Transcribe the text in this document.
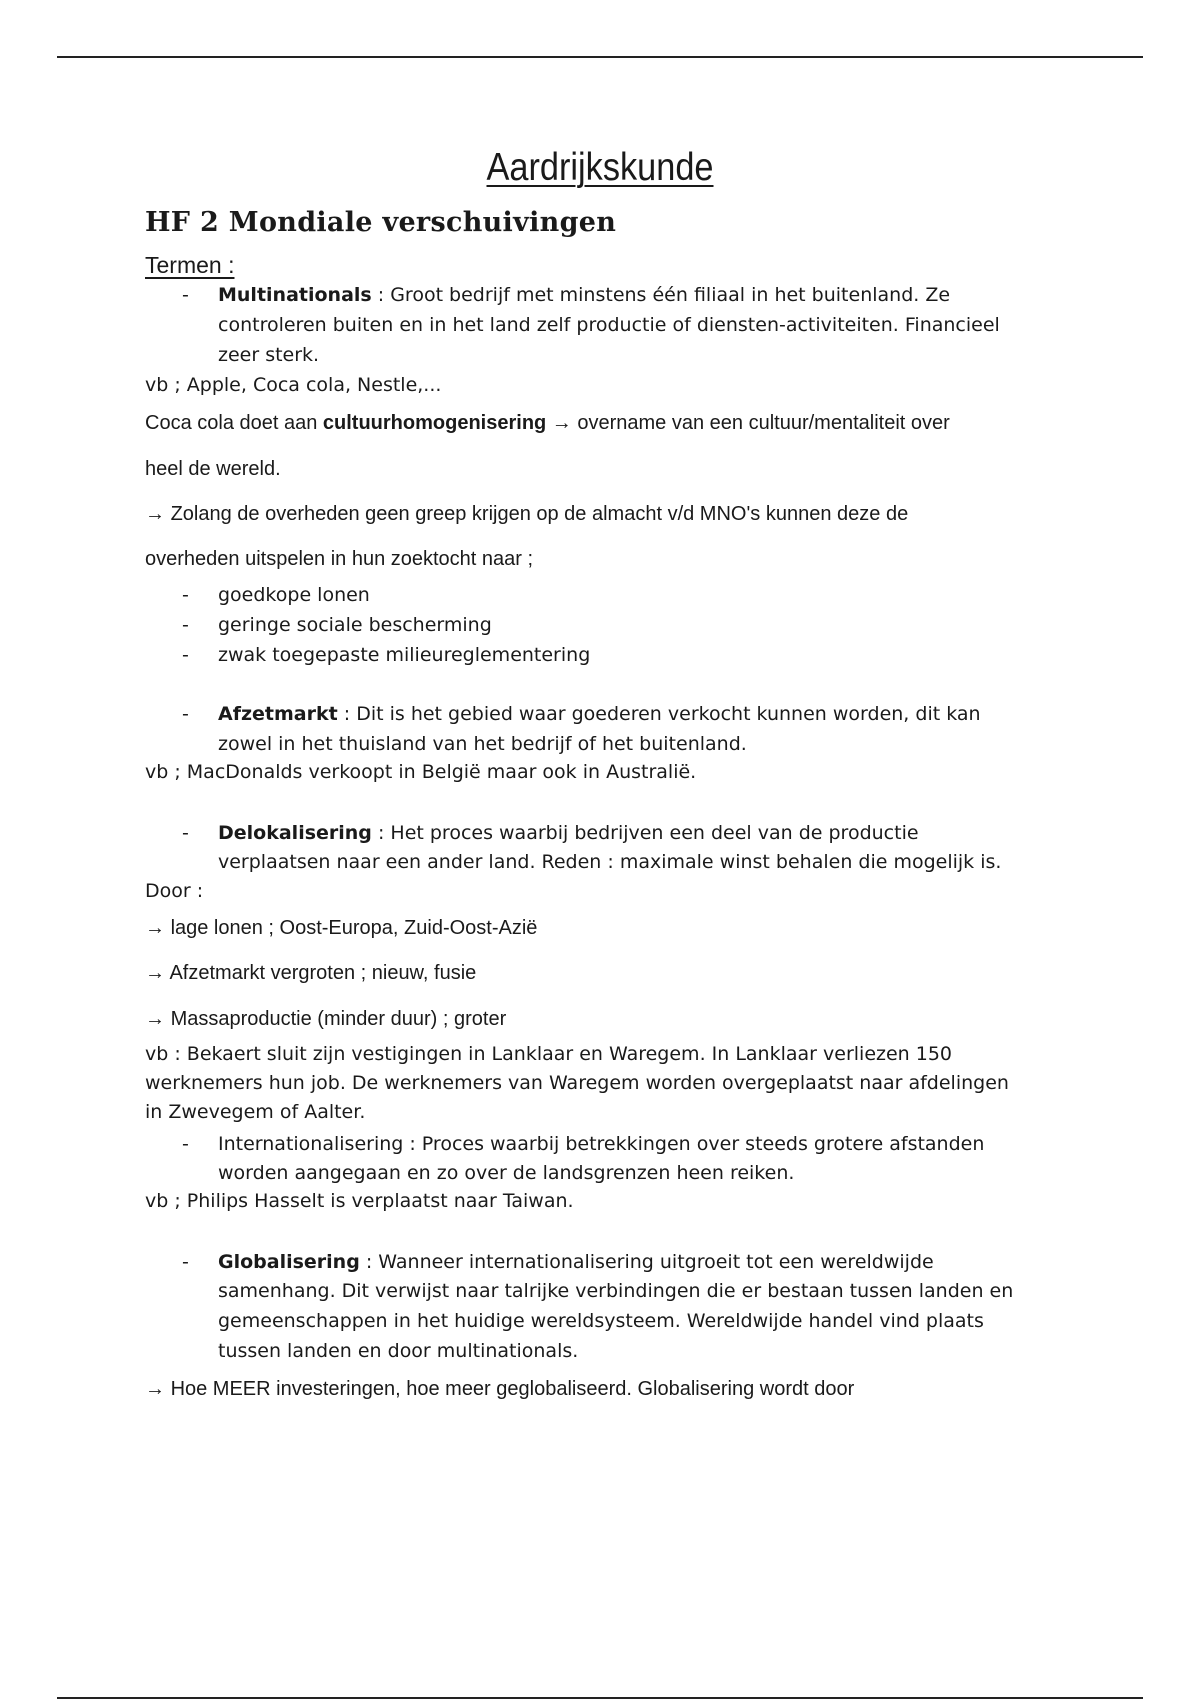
Aardrijkskunde
HF 2 Mondiale verschuivingen
Termen :
- Multinationals : Groot bedrijf met minstens één filiaal in het buitenland. Ze
controleren buiten en in het land zelf productie of diensten-activiteiten. Financieel
zeer sterk.
vb ; Apple, Coca cola, Nestle,...
Coca cola doet aan cultuurhomogenisering → overname van een cultuur/mentaliteit over
heel de wereld.
→ Zolang de overheden geen greep krijgen op de almacht v/d MNO's kunnen deze de
overheden uitspelen in hun zoektocht naar ;
- goedkope lonen
- geringe sociale bescherming
- zwak toegepaste milieureglementering
- Afzetmarkt : Dit is het gebied waar goederen verkocht kunnen worden, dit kan
zowel in het thuisland van het bedrijf of het buitenland.
vb ; MacDonalds verkoopt in België maar ook in Australië.
- Delokalisering : Het proces waarbij bedrijven een deel van de productie
verplaatsen naar een ander land. Reden : maximale winst behalen die mogelijk is.
Door :
→ lage lonen ; Oost-Europa, Zuid-Oost-Azië
→ Afzetmarkt vergroten ; nieuw, fusie
→ Massaproductie (minder duur) ; groter
vb : Bekaert sluit zijn vestigingen in Lanklaar en Waregem. In Lanklaar verliezen 150
werknemers hun job. De werknemers van Waregem worden overgeplaatst naar afdelingen
in Zwevegem of Aalter.
- Internationalisering : Proces waarbij betrekkingen over steeds grotere afstanden
worden aangegaan en zo over de landsgrenzen heen reiken.
vb ; Philips Hasselt is verplaatst naar Taiwan.
- Globalisering : Wanneer internationalisering uitgroeit tot een wereldwijde
samenhang. Dit verwijst naar talrijke verbindingen die er bestaan tussen landen en
gemeenschappen in het huidige wereldsysteem. Wereldwijde handel vind plaats
tussen landen en door multinationals.
→ Hoe MEER investeringen, hoe meer geglobaliseerd. Globalisering wordt door
